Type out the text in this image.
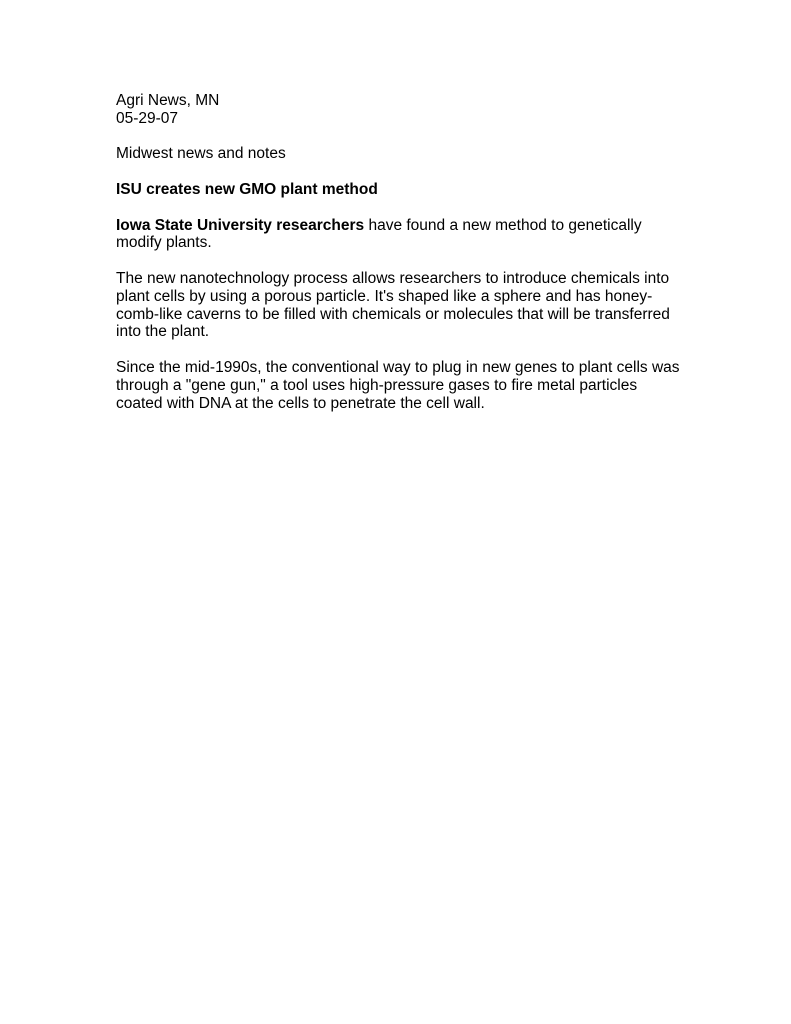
Agri News, MN

05-29-07

Midwest news and notes

ISU creates new GMO plant method

Iowa State University researchers have found a new method to genetically modify plants.

The new nanotechnology process allows researchers to introduce chemicals into plant cells by using a porous particle. It's shaped like a sphere and has honey-comb-like caverns to be filled with chemicals or molecules that will be transferred into the plant.

Since the mid-1990s, the conventional way to plug in new genes to plant cells was through a "gene gun," a tool uses high-pressure gases to fire metal particles coated with DNA at the cells to penetrate the cell wall.
